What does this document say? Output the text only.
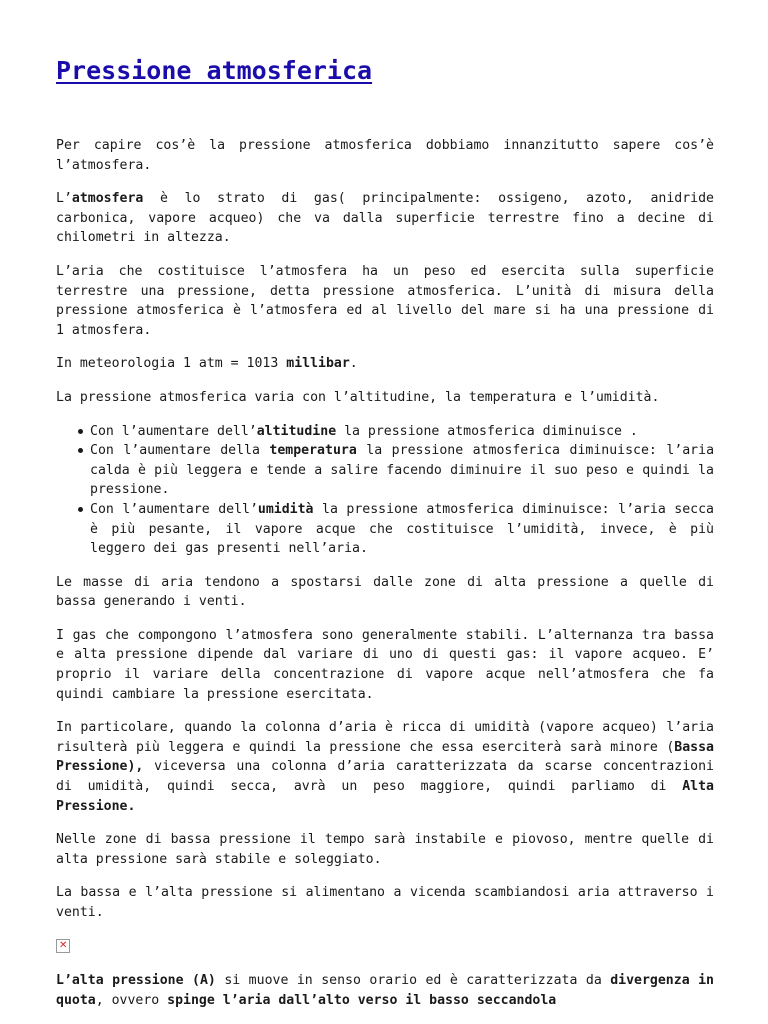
Pressione atmosferica

Per capire cos’è la pressione atmosferica dobbiamo innanzitutto sapere cos’è l’atmosfera.

L’atmosfera è lo strato di gas( principalmente: ossigeno, azoto, anidride carbonica, vapore acqueo) che va dalla superficie terrestre fino a decine di chilometri in altezza.

L’aria che costituisce l’atmosfera ha un peso ed esercita sulla superficie terrestre una pressione, detta pressione atmosferica. L’unità di misura della pressione atmosferica è l’atmosfera ed al livello del mare si ha una pressione di 1 atmosfera.

In meteorologia 1 atm = 1013 millibar.

La pressione atmosferica varia con l’altitudine, la temperatura e l’umidità.

Con l’aumentare dell’altitudine la pressione atmosferica diminuisce .
Con l’aumentare della temperatura la pressione atmosferica diminuisce: l’aria calda è più leggera e tende a salire facendo diminuire il suo peso e quindi la pressione.
Con l’aumentare dell’umidità la pressione atmosferica diminuisce: l’aria secca è più pesante, il vapore acque che costituisce l’umidità, invece, è più leggero dei gas presenti nell’aria.

Le masse di aria tendono a spostarsi dalle zone di alta pressione a quelle di bassa generando i venti.

I gas che compongono l’atmosfera sono generalmente stabili. L’alternanza tra bassa e alta pressione dipende dal variare di uno di questi gas: il vapore acqueo. E’ proprio il variare della concentrazione di vapore acque nell’atmosfera che fa quindi cambiare la pressione esercitata.

In particolare, quando la colonna d’aria è ricca di umidità (vapore acqueo) l’aria risulterà più leggera e quindi la pressione che essa eserciterà sarà minore (Bassa Pressione), viceversa una colonna d’aria caratterizzata da scarse concentrazioni di umidità, quindi secca, avrà un peso maggiore, quindi parliamo di Alta Pressione.

Nelle zone di bassa pressione il tempo sarà instabile e piovoso, mentre quelle di alta pressione sarà stabile e soleggiato.

La bassa e l’alta pressione si alimentano a vicenda scambiandosi aria attraverso i venti.

✕

L’alta pressione (A) si muove in senso orario ed è caratterizzata da divergenza in quota, ovvero spinge l’aria dall’alto verso il basso seccandola
